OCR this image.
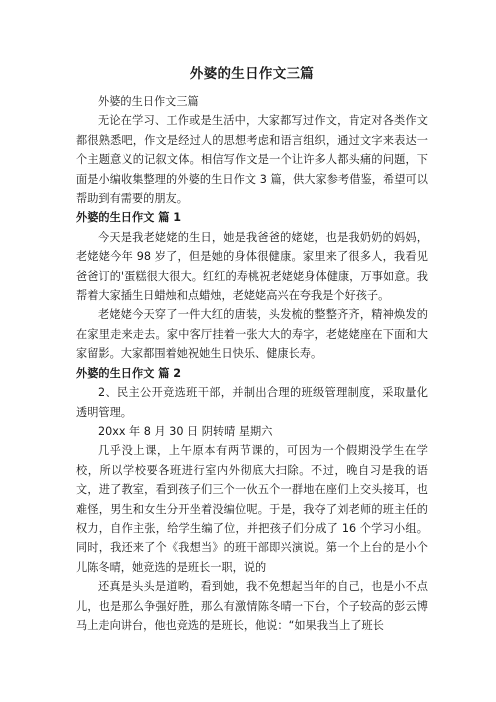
外婆的生日作文三篇

外婆的生日作文三篇

无论在学习、工作或是生活中，大家都写过作文，肯定对各类作文都很熟悉吧，作文是经过人的思想考虑和语言组织，通过文字来表达一个主题意义的记叙文体。相信写作文是一个让许多人都头痛的问题，下面是小编收集整理的外婆的生日作文 3 篇，供大家参考借鉴，希望可以帮助到有需要的朋友。

外婆的生日作文 篇 1

今天是我老姥姥的生日，她是我爸爸的姥姥，也是我奶奶的妈妈，老姥姥今年 98 岁了，但是她的身体很健康。家里来了很多人，我看见爸爸订的'蛋糕很大很大。红红的寿桃祝老姥姥身体健康，万事如意。我帮着大家插生日蜡烛和点蜡烛，老姥姥高兴在夸我是个好孩子。

老姥姥今天穿了一件大红的唐装，头发梳的整整齐齐，精神焕发的在家里走来走去。家中客厅挂着一张大大的寿字，老姥姥座在下面和大家留影。大家都围着她祝她生日快乐、健康长寿。

外婆的生日作文 篇 2

2、民主公开竞选班干部，并制出合理的班级管理制度，采取量化透明管理。

20xx 年 8 月 30 日 阴转晴 星期六

几乎没上课，上午原本有两节课的，可因为一个假期没学生在学校，所以学校要各班进行室内外彻底大扫除。不过，晚自习是我的语文，进了教室，看到孩子们三个一伙五个一群地在座们上交头接耳，也难怪，男生和女生分开坐着没编位呢。于是，我夺了刘老师的班主任的权力，自作主张，给学生编了位，并把孩子们分成了 16 个学习小组。同时，我还来了个《我想当》的班干部即兴演说。第一个上台的是小个儿陈冬晴，她竞选的是班长一职，说的

还真是头头是道哟，看到她，我不免想起当年的自己，也是小不点儿，也是那么争强好胜，那么有激情陈冬晴一下台，个子较高的彭云博马上走向讲台，他也竞选的是班长，他说：“如果我当上了班长
